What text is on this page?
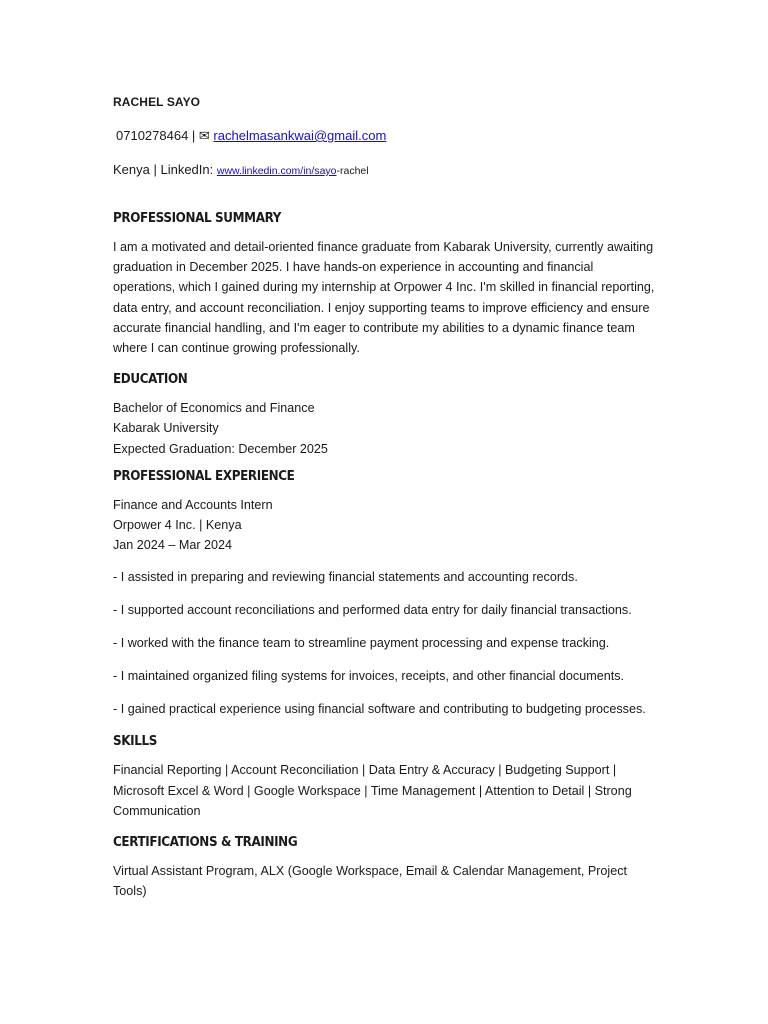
RACHEL SAYO
0710278464 | ✉ rachelmasankwai@gmail.com
Kenya | LinkedIn: www.linkedin.com/in/sayo-rachel
PROFESSIONAL SUMMARY

I am a motivated and detail-oriented finance graduate from Kabarak University, currently awaiting graduation in December 2025. I have hands-on experience in accounting and financial operations, which I gained during my internship at Orpower 4 Inc. I'm skilled in financial reporting, data entry, and account reconciliation. I enjoy supporting teams to improve efficiency and ensure accurate financial handling, and I'm eager to contribute my abilities to a dynamic finance team where I can continue growing professionally.

EDUCATION
Bachelor of Economics and Finance
Kabarak University
Expected Graduation: December 2025
PROFESSIONAL EXPERIENCE
Finance and Accounts Intern
Orpower 4 Inc. | Kenya
Jan 2024 – Mar 2024
- I assisted in preparing and reviewing financial statements and accounting records.
- I supported account reconciliations and performed data entry for daily financial transactions.
- I worked with the finance team to streamline payment processing and expense tracking.
- I maintained organized filing systems for invoices, receipts, and other financial documents.
- I gained practical experience using financial software and contributing to budgeting processes.
SKILLS

Financial Reporting | Account Reconciliation | Data Entry & Accuracy | Budgeting Support | Microsoft Excel & Word | Google Workspace | Time Management | Attention to Detail | Strong Communication

CERTIFICATIONS & TRAINING

Virtual Assistant Program, ALX (Google Workspace, Email & Calendar Management, Project Tools)
